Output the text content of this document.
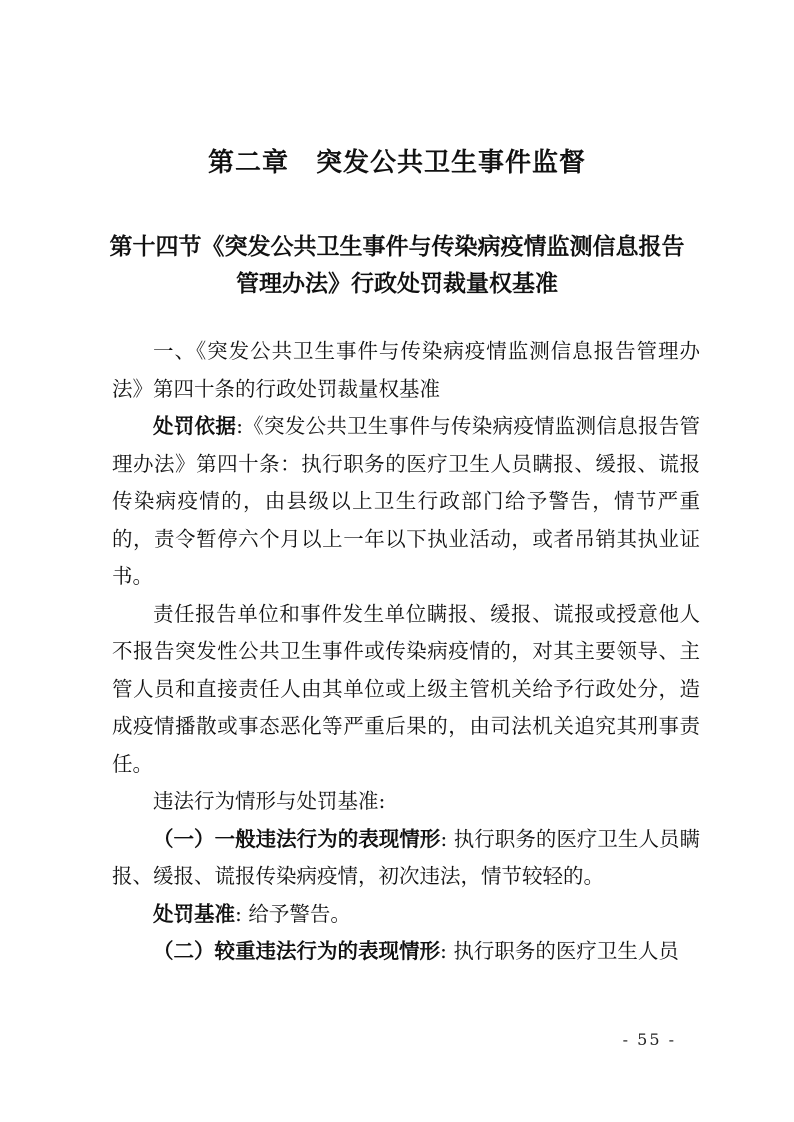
第二章　突发公共卫生事件监督
第十四节《突发公共卫生事件与传染病疫情监测信息报告
管理办法》行政处罚裁量权基准

一、《突发公共卫生事件与传染病疫情监测信息报告管理办法》第四十条的行政处罚裁量权基准

处罚依据:《突发公共卫生事件与传染病疫情监测信息报告管理办法》第四十条：执行职务的医疗卫生人员瞒报、缓报、谎报传染病疫情的，由县级以上卫生行政部门给予警告，情节严重的，责令暂停六个月以上一年以下执业活动，或者吊销其执业证书。

责任报告单位和事件发生单位瞒报、缓报、谎报或授意他人不报告突发性公共卫生事件或传染病疫情的，对其主要领导、主管人员和直接责任人由其单位或上级主管机关给予行政处分，造成疫情播散或事态恶化等严重后果的，由司法机关追究其刑事责任。

违法行为情形与处罚基准:

（一）一般违法行为的表现情形: 执行职务的医疗卫生人员瞒报、缓报、谎报传染病疫情，初次违法，情节较轻的。

处罚基准: 给予警告。

（二）较重违法行为的表现情形: 执行职务的医疗卫生人员

- 55 -
